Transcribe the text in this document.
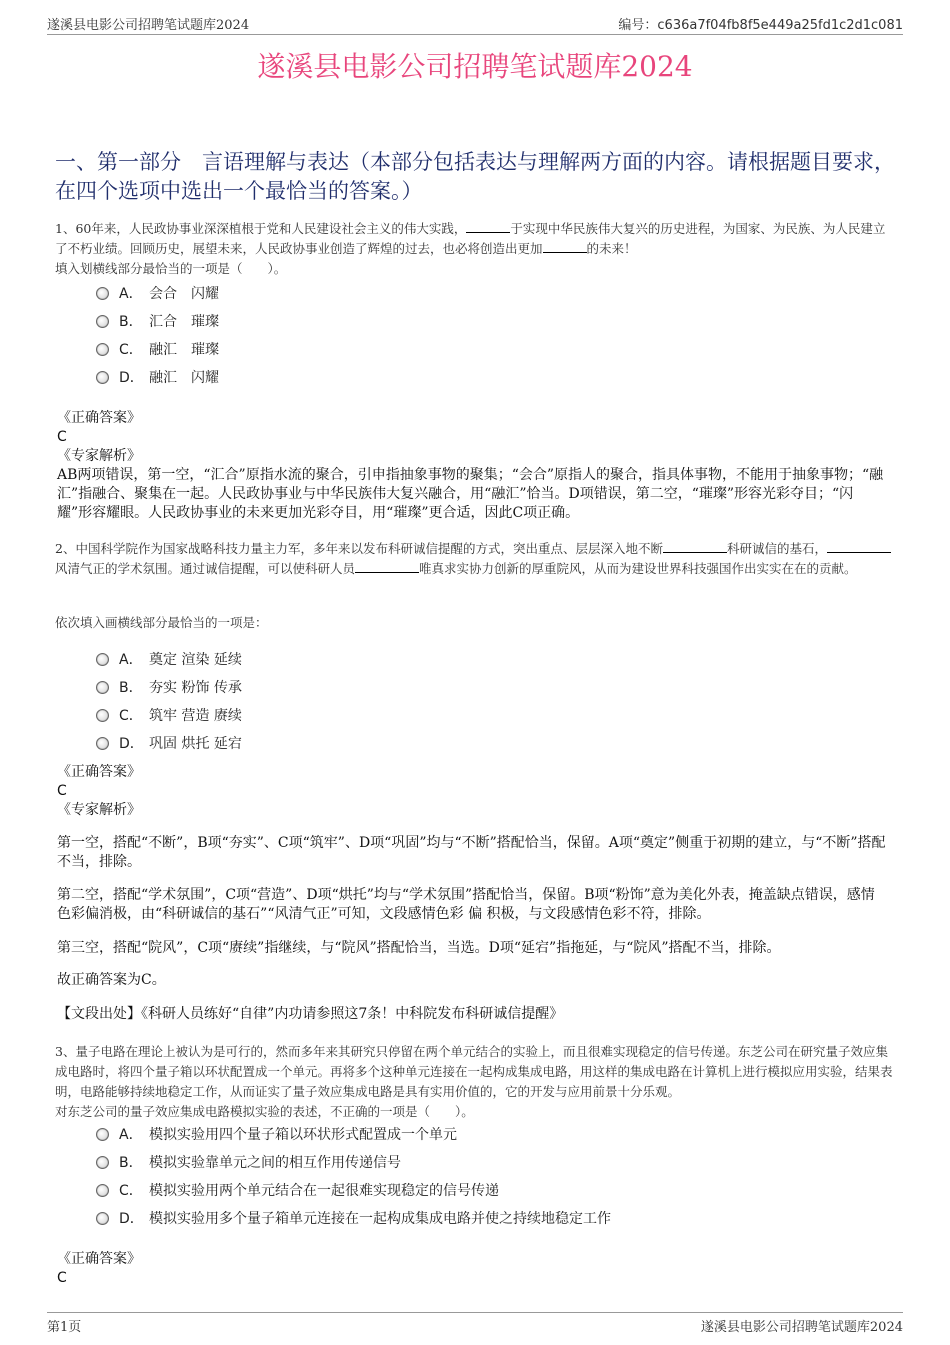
遂溪县电影公司招聘笔试题库2024	编号：c636a7f04fb8f5e449a25fd1c2d1c081
遂溪县电影公司招聘笔试题库2024
一、第一部分　言语理解与表达（本部分包括表达与理解两方面的内容。请根据题目要求，在四个选项中选出一个最恰当的答案。）
1、60年来，人民政协事业深深植根于党和人民建设社会主义的伟大实践，	于实现中华民族伟大复兴的历史进程，为国家、为民族、为人民建立了不朽业绩。回顾历史，展望未来，人民政协事业创造了辉煌的过去，也必将创造出更加	的未来！
填入划横线部分最恰当的一项是（　　）。
A． 会合　闪耀
B． 汇合　璀璨
C． 融汇　璀璨
D． 融汇　闪耀
《正确答案》
C
《专家解析》
AB两项错误，第一空，“汇合”原指水流的聚合，引申指抽象事物的聚集；“会合”原指人的聚合，指具体事物，不能用于抽象事物；“融汇”指融合、聚集在一起。人民政协事业与中华民族伟大复兴融合，用“融汇”恰当。D项错误，第二空，“璀璨”形容光彩夺目；“闪耀”形容耀眼。人民政协事业的未来更加光彩夺目，用“璀璨”更合适，因此C项正确。
2、中国科学院作为国家战略科技力量主力军，多年来以发布科研诚信提醒的方式，突出重点、层层深入地不断	科研诚信的基石，风清气正的学术氛围。通过诚信提醒，可以使科研人员	唯真求实协力创新的厚重院风，从而为建设世界科技强国作出实实在在的贡献。
依次填入画横线部分最恰当的一项是：
A． 奠定 渲染 延续
B． 夯实 粉饰 传承
C． 筑牢 营造 赓续
D． 巩固 烘托 延宕
《正确答案》
C
《专家解析》
第一空，搭配“不断”，B项“夯实”、C项“筑牢”、D项“巩固”均与“不断”搭配恰当，保留。A项“奠定”侧重于初期的建立，与“不断”搭配不当，排除。
第二空，搭配“学术氛围”，C项“营造”、D项“烘托”均与“学术氛围”搭配恰当，保留。B项“粉饰”意为美化外表，掩盖缺点错误，感情色彩偏消极，由“科研诚信的基石”“风清气正”可知，文段感情色彩 偏 积极，与文段感情色彩不符，排除。
第三空，搭配“院风”，C项“赓续”指继续，与“院风”搭配恰当，当选。D项“延宕”指拖延，与“院风”搭配不当，排除。
故正确答案为C。
【文段出处】《科研人员练好“自律”内功请参照这7条！中科院发布科研诚信提醒》
3、量子电路在理论上被认为是可行的，然而多年来其研究只停留在两个单元结合的实验上，而且很难实现稳定的信号传递。东芝公司在研究量子效应集成电路时，将四个量子箱以环状配置成一个单元。再将多个这种单元连接在一起构成集成电路，用这样的集成电路在计算机上进行模拟应用实验，结果表明，电路能够持续地稳定工作，从而证实了量子效应集成电路是具有实用价值的，它的开发与应用前景十分乐观。
对东芝公司的量子效应集成电路模拟实验的表述，不正确的一项是（　　）。
A． 模拟实验用四个量子箱以环状形式配置成一个单元
B． 模拟实验靠单元之间的相互作用传递信号
C． 模拟实验用两个单元结合在一起很难实现稳定的信号传递
D． 模拟实验用多个量子箱单元连接在一起构成集成电路并使之持续地稳定工作
《正确答案》
C
第1页	遂溪县电影公司招聘笔试题库2024
